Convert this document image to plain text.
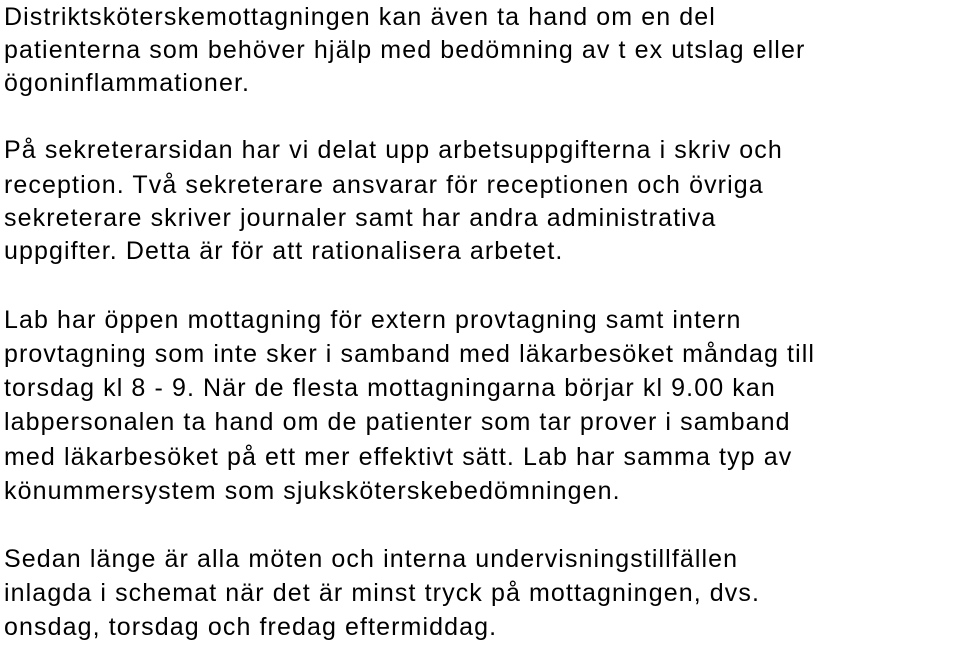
Distriktsköterskemottagningen kan även ta hand om en del
patienterna som behöver hjälp med bedömning av t ex utslag eller
ögoninflammationer.
På sekreterarsidan har vi delat upp arbetsuppgifterna i skriv och
reception. Två sekreterare ansvarar för receptionen och övriga
sekreterare skriver journaler samt har andra administrativa
uppgifter. Detta är för att rationalisera arbetet.
Lab har öppen mottagning för extern provtagning samt intern
provtagning som inte sker i samband med läkarbesöket måndag till
torsdag kl 8 - 9. När de flesta mottagningarna börjar kl 9.00 kan
labpersonalen ta hand om de patienter som tar prover i samband
med läkarbesöket på ett mer effektivt sätt. Lab har samma typ av
könummersystem som sjuksköterskebedömningen.
Sedan länge är alla möten och interna undervisningstillfällen
inlagda i schemat när det är minst tryck på mottagningen, dvs.
onsdag, torsdag och fredag eftermiddag.
